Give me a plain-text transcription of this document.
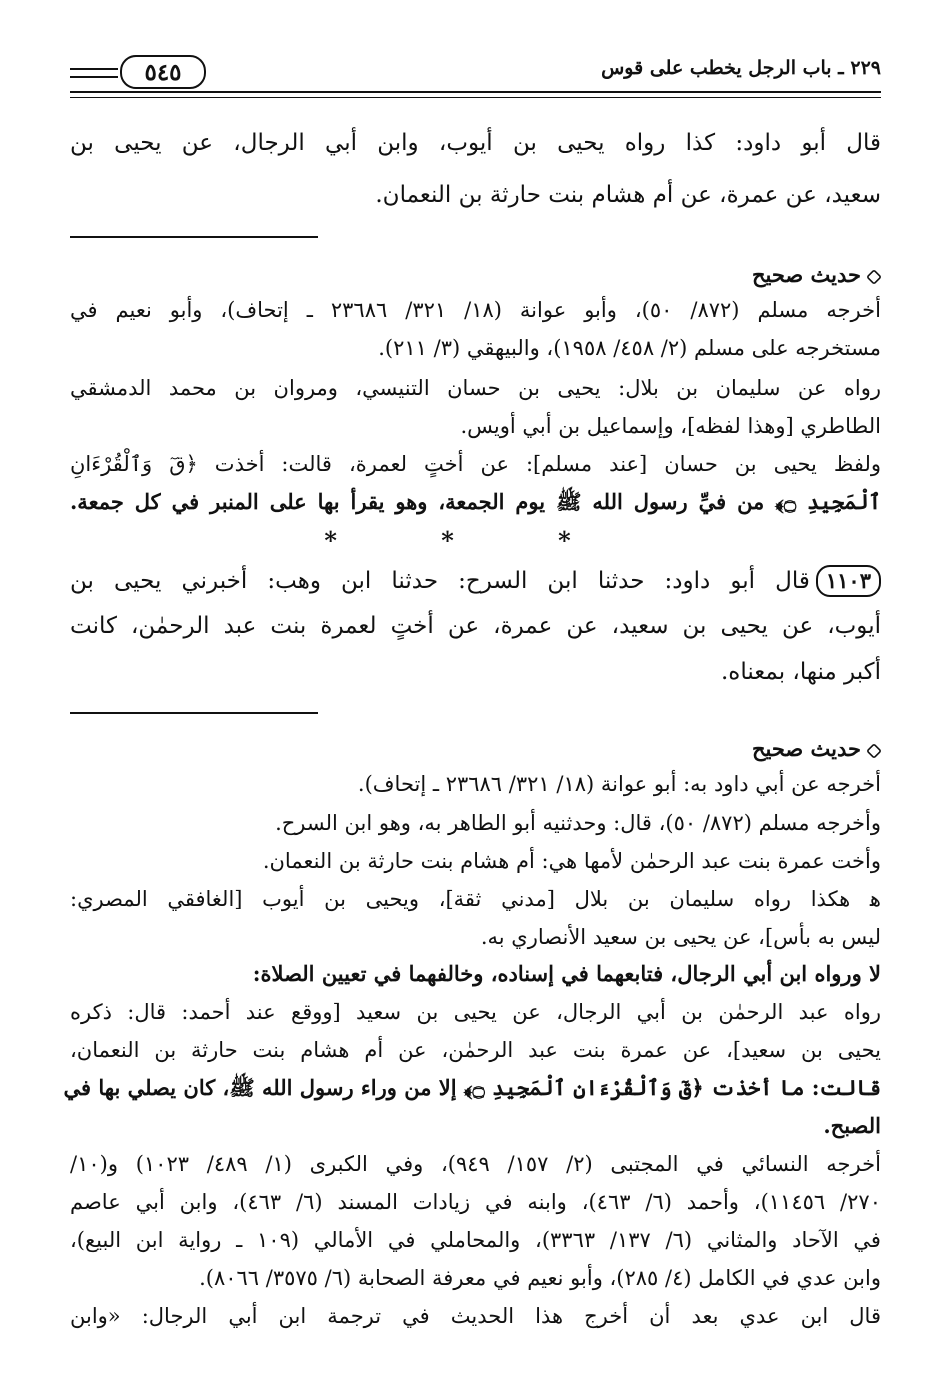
٢٢٩ ـ باب الرجل يخطب على قوس
٥٤٥
قال أبو داود: كذا رواه يحيى بن أيوب، وابن أبي الرجال، عن يحيى بن
سعيد، عن عمرة، عن أم هشام بنت حارثة بن النعمان.
حديث صحيح
أخرجه مسلم (٨٧٢/ ٥٠)، وأبو عوانة (١٨/ ٣٢١/ ٢٣٦٨٦ ـ إتحاف)، وأبو نعيم في
مستخرجه على مسلم (٢/ ٤٥٨/ ١٩٥٨)، والبيهقي (٣/ ٢١١).
رواه عن سليمان بن بلال: يحيى بن حسان التنيسي، ومروان بن محمد الدمشقي
الطاطري [وهذا لفظه]، وإسماعيل بن أبي أويس.
ولفظ يحيى بن حسان [عند مسلم]: عن أختٍ لعمرة، قالت: أخذت ﴿قٓ وَٱلْقُرْءَانِ
ٱلْمَجِيدِ ۝﴾ من فيِّ رسول الله ﷺ يوم الجمعة، وهو يقرأ بها على المنبر في كل جمعة.
* * *
١١٠٣قال أبو داود: حدثنا ابن السرح: حدثنا ابن وهب: أخبرني يحيى بن
أيوب، عن يحيى بن سعيد، عن عمرة، عن أختٍ لعمرة بنت عبد الرحمٰن، كانت
أكبر منها، بمعناه.
حديث صحيح
أخرجه عن أبي داود به: أبو عوانة (١٨/ ٣٢١/ ٢٣٦٨٦ ـ إتحاف).
وأخرجه مسلم (٨٧٢/ ٥٠)، قال: وحدثنيه أبو الطاهر به، وهو ابن السرح.
وأخت عمرة بنت عبد الرحمٰن لأمها هي: أم هشام بنت حارثة بن النعمان.
ﻫ هكذا رواه سليمان بن بلال [مدني ثقة]، ويحيى بن أيوب [الغافقي المصري:
ليس به بأس]، عن يحيى بن سعيد الأنصاري به.
ﻻ ورواه ابن أبي الرجال، فتابعهما في إسناده، وخالفهما في تعيين الصلاة:
رواه عبد الرحمٰن بن أبي الرجال، عن يحيى بن سعيد [ووقع عند أحمد: قال: ذكره
يحيى بن سعيد]، عن عمرة بنت عبد الرحمٰن، عن أم هشام بنت حارثة بن النعمان،
قالت: ما أخذت ﴿قٓ وَٱلْقُرْءَانِ ٱلْمَجِيدِ ۝﴾ إلا من وراء رسول الله ﷺ، كان يصلي بها في
الصبح.
أخرجه النسائي في المجتبى (٢/ ١٥٧/ ٩٤٩)، وفي الكبرى (١/ ٤٨٩/ ١٠٢٣) و(١٠/
٢٧٠/ ١١٤٥٦)، وأحمد (٦/ ٤٦٣)، وابنه في زيادات المسند (٦/ ٤٦٣)، وابن أبي عاصم
في الآحاد والمثاني (٦/ ١٣٧/ ٣٣٦٣)، والمحاملي في الأمالي (١٠٩ ـ رواية ابن البيع)،
وابن عدي في الكامل (٤/ ٢٨٥)، وأبو نعيم في معرفة الصحابة (٦/ ٣٥٧٥/ ٨٠٦٦).
قال ابن عدي بعد أن أخرج هذا الحديث في ترجمة ابن أبي الرجال: «وابن
